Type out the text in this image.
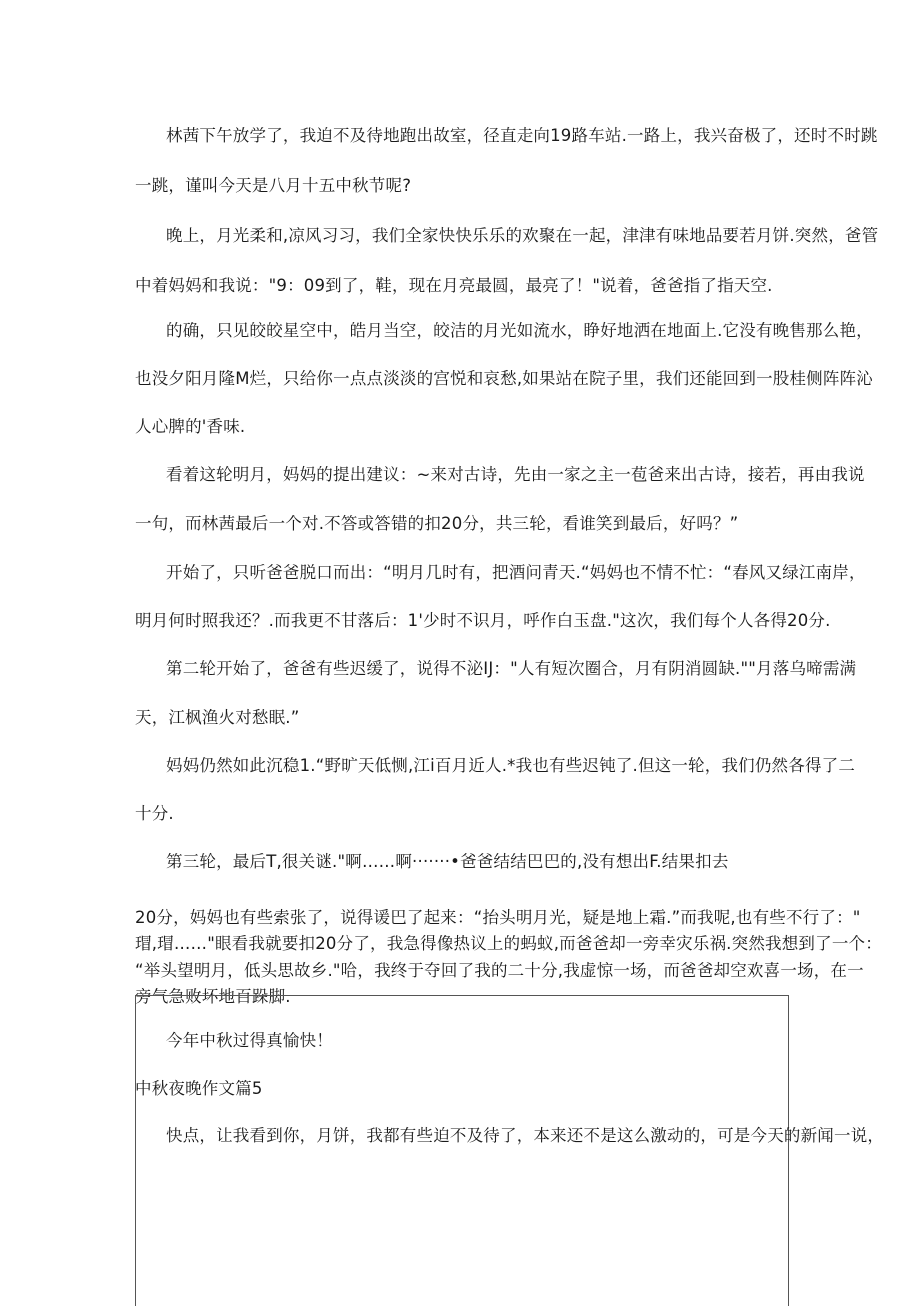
林茜下午放学了，我迫不及待地跑出故室，径直走向19路车站.一路上，我兴奋极了，还时不时跳
一跳，谨叫今天是八月十五中秋节呢?
晚上，月光柔和,凉风习习，我们全家快快乐乐的欢聚在一起，津津有味地品要若月饼.突然，爸管
中着妈妈和我说："9：09到了，鞋，现在月亮最圆，最亮了！"说着，爸爸指了指天空.
的确，只见皎皎星空中，皓月当空，皎洁的月光如流水，睁好地洒在地面上.它没有晚售那么艳，
也没夕阳月隆M烂，只给你一点点淡淡的宫悦和哀愁,如果站在院子里，我们还能回到一股桂侧阵阵沁
人心脾的'香味.
看着这轮明月，妈妈的提出建议：~来对古诗，先由一家之主一苞爸来出古诗，接若，再由我说
一句，而林茜最后一个对.不答或答错的扣20分，共三轮，看谁笑到最后，好吗？”
开始了，只听爸爸脱口而出：“明月几时有，把酒问青天.“妈妈也不情不忙：“春风又绿江南岸，
明月何时照我还？.而我更不甘落后：1'少时不识月，呼作白玉盘."这次，我们每个人各得20分.
第二轮开始了，爸爸有些迟缓了，说得不泌IJ："人有短次圈合，月有阴消圆缺.""月落乌啼需满
天，江枫渔火对愁眠.”
妈妈仍然如此沉稳1.“野旷天低恻,江i百月近人.*我也有些迟钝了.但这一轮，我们仍然各得了二
十分.
第三轮，最后T,很关谜."啊……啊·······•爸爸结结巴巴的,没有想出F.结果扣去
20分，妈妈也有些索张了，说得谖巴了起来：“抬头明月光，疑是地上霜.”而我呢,也有些不行了："
瑁,瑁……"眼看我就要扣20分了，我急得像热议上的蚂蚁,而爸爸却一旁幸灾乐祸.突然我想到了一个：
“举头望明月，低头思故乡."哈，我终于夺回了我的二十分,我虚惊一场，而爸爸却空欢喜一场，在一
旁气急败坏地百跺脚.
今年中秋过得真愉快！
中秋夜晚作文篇5
快点，让我看到你，月饼，我都有些迫不及待了，本来还不是这么激动的，可是今天的新闻一说，
